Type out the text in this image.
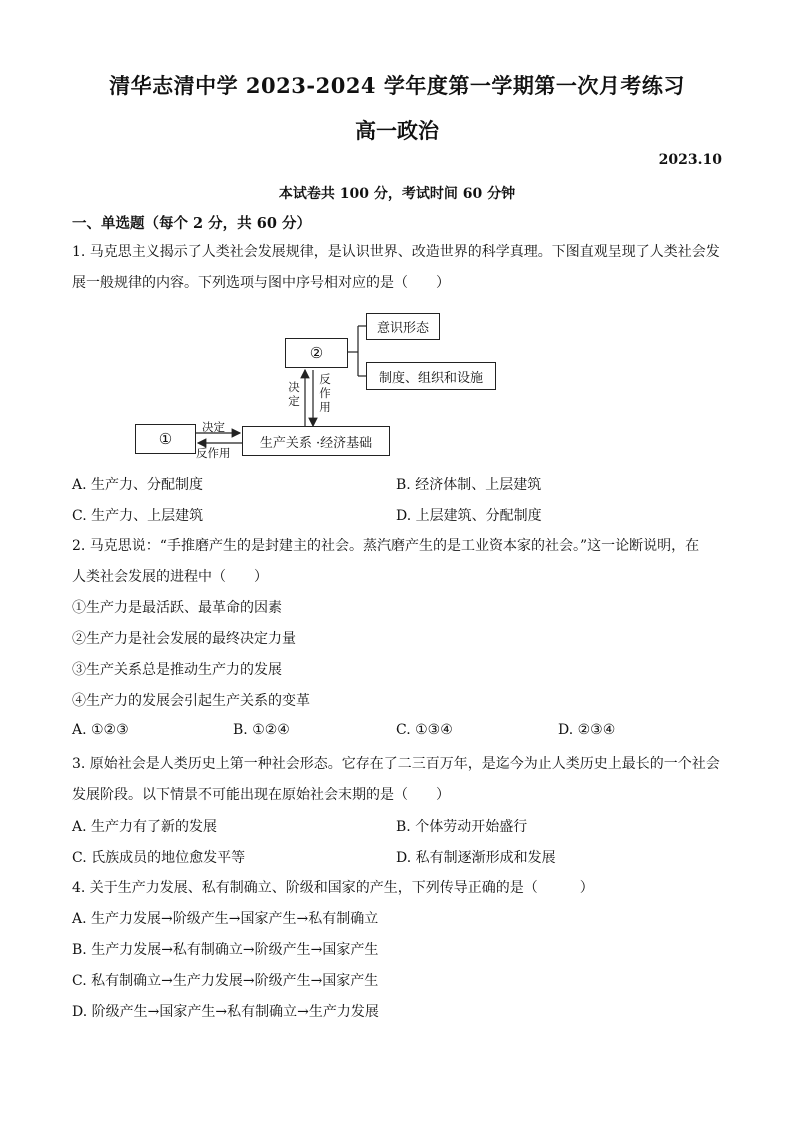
清华志清中学 2023-2024 学年度第一学期第一次月考练习
高一政治
2023.10
本试卷共 100 分，考试时间 60 分钟
一、单选题（每个 2 分，共 60 分）
1. 马克思主义揭示了人类社会发展规律，是认识世界、改造世界的科学真理。下图直观呈现了人类社会发
展一般规律的内容。下列选项与图中序号相对应的是（　　）
②
意识形态
制度、组织和设施
①	生产关系 ·经济基础
决定
反作用
决定
反作用
A. 生产力、分配制度	B. 经济体制、上层建筑
C. 生产力、上层建筑	D. 上层建筑、分配制度
2. 马克思说：“手推磨产生的是封建主的社会。蒸汽磨产生的是工业资本家的社会。”这一论断说明，在
人类社会发展的进程中（　　）
①生产力是最活跃、最革命的因素
②生产力是社会发展的最终决定力量
③生产关系总是推动生产力的发展
④生产力的发展会引起生产关系的变革
A. ①②③	B. ①②④	C. ①③④	D. ②③④
3. 原始社会是人类历史上第一种社会形态。它存在了二三百万年，是迄今为止人类历史上最长的一个社会
发展阶段。以下情景不可能出现在原始社会末期的是（　　）
A. 生产力有了新的发展	B. 个体劳动开始盛行
C. 氏族成员的地位愈发平等	D. 私有制逐渐形成和发展
4. 关于生产力发展、私有制确立、阶级和国家的产生，下列传导正确的是（　　　）
A. 生产力发展→阶级产生→国家产生→私有制确立
B. 生产力发展→私有制确立→阶级产生→国家产生
C. 私有制确立→生产力发展→阶级产生→国家产生
D. 阶级产生→国家产生→私有制确立→生产力发展
